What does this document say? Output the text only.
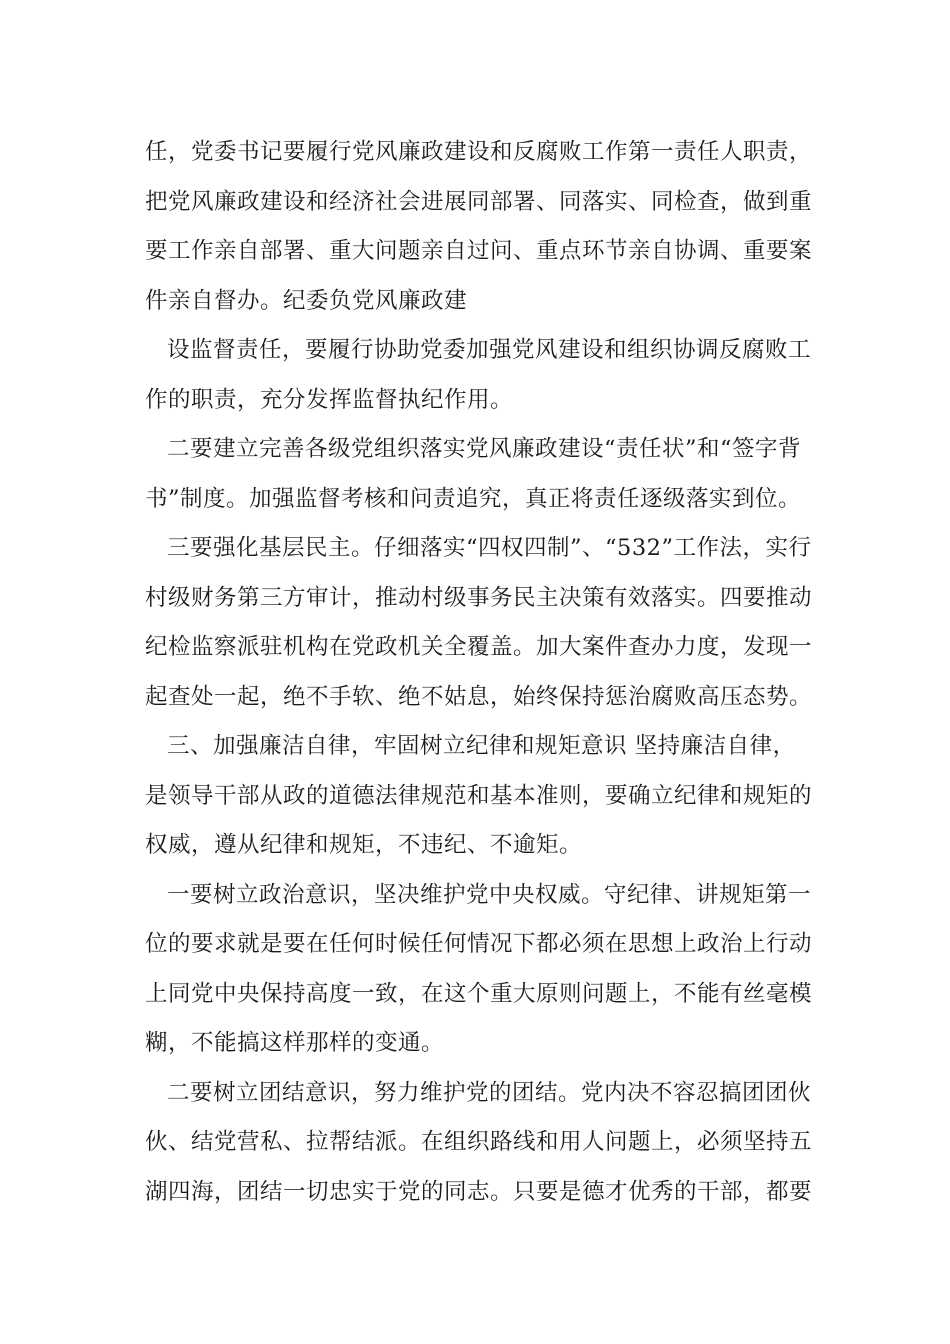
任，党委书记要履行党风廉政建设和反腐败工作第一责任人职责，把党风廉政建设和经济社会进展同部署、同落实、同检查，做到重要工作亲自部署、重大问题亲自过问、重点环节亲自协调、重要案件亲自督办。纪委负党风廉政建

设监督责任，要履行协助党委加强党风建设和组织协调反腐败工作的职责，充分发挥监督执纪作用。

二要建立完善各级党组织落实党风廉政建设“责任状”和“签字背书”制度。加强监督考核和问责追究，真正将责任逐级落实到位。

三要强化基层民主。仔细落实“四权四制”、“532”工作法，实行村级财务第三方审计，推动村级事务民主决策有效落实。四要推动纪检监察派驻机构在党政机关全覆盖。加大案件查办力度，发现一起查处一起，绝不手软、绝不姑息，始终保持惩治腐败高压态势。

三、加强廉洁自律，牢固树立纪律和规矩意识 坚持廉洁自律，是领导干部从政的道德法律规范和基本准则，要确立纪律和规矩的权威，遵从纪律和规矩，不违纪、不逾矩。

一要树立政治意识，坚决维护党中央权威。守纪律、讲规矩第一位的要求就是要在任何时候任何情况下都必须在思想上政治上行动上同党中央保持高度一致，在这个重大原则问题上，不能有丝毫模糊，不能搞这样那样的变通。

二要树立团结意识，努力维护党的团结。党内决不容忍搞团团伙伙、结党营私、拉帮结派。在组织路线和用人问题上，必须坚持五湖四海，团结一切忠实于党的同志。只要是德才优秀的干部，都要
